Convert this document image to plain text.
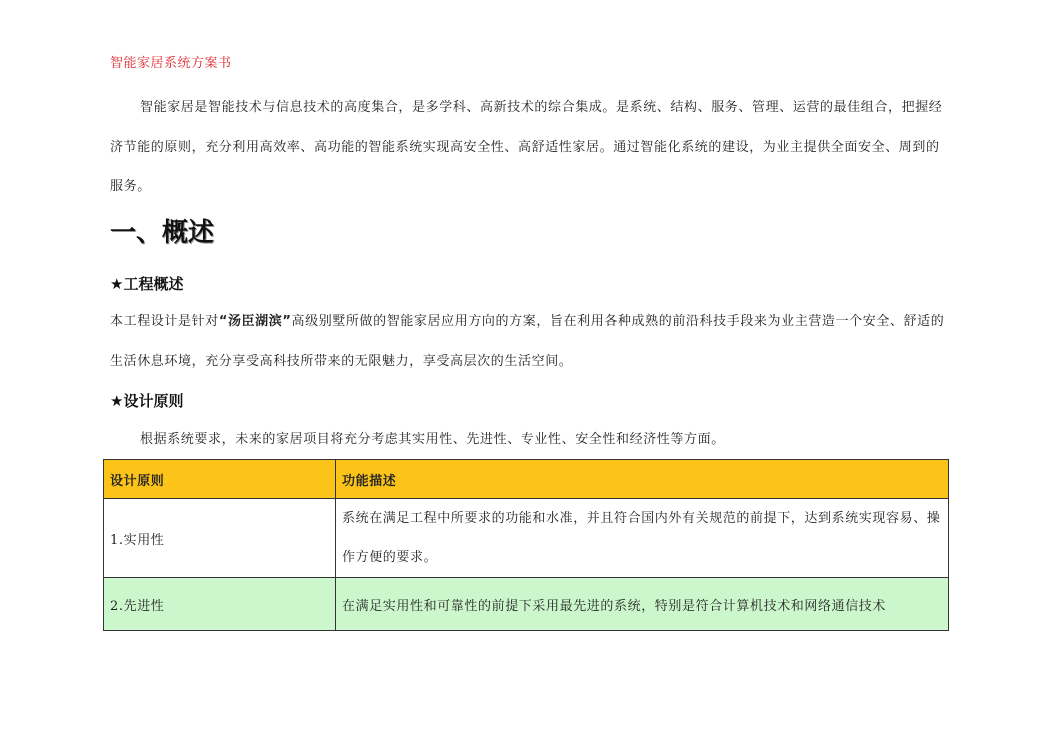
智能家居系统方案书
智能家居是智能技术与信息技术的高度集合，是多学科、高新技术的综合集成。是系统、结构、服务、管理、运营的最佳组合，把握经济节能的原则，充分利用高效率、高功能的智能系统实现高安全性、高舒适性家居。通过智能化系统的建设，为业主提供全面安全、周到的服务。
一、概述
★工程概述
本工程设计是针对“汤臣湖滨”高级别墅所做的智能家居应用方向的方案，旨在利用各种成熟的前沿科技手段来为业主营造一个安全、舒适的生活休息环境，充分享受高科技所带来的无限魅力，享受高层次的生活空间。
★设计原则
根据系统要求，未来的家居项目将充分考虑其实用性、先进性、专业性、安全性和经济性等方面。
设计原则	功能描述
1.实用性	系统在满足工程中所要求的功能和水准，并且符合国内外有关规范的前提下，达到系统实现容易、操作方便的要求。
2.先进性	在满足实用性和可靠性的前提下采用最先进的系统，特别是符合计算机技术和网络通信技术
